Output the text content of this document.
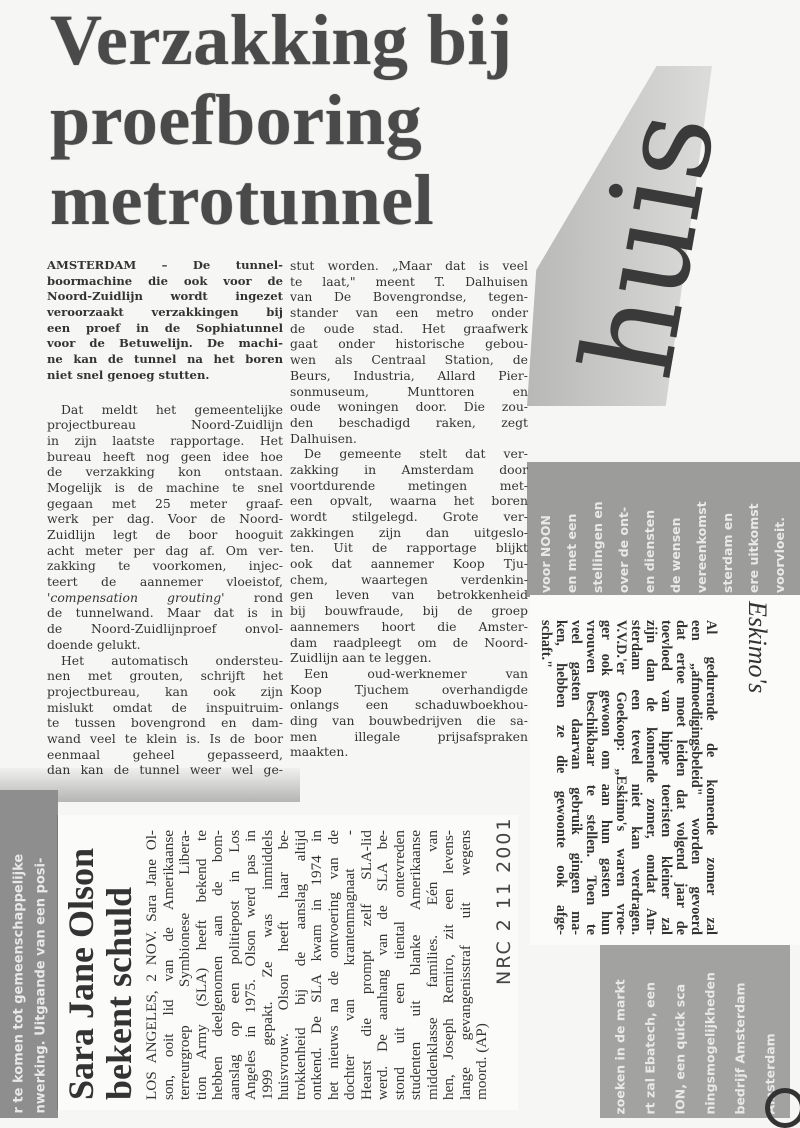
Verzakking bij
proefboring
metrotunnel huis
AMSTERDAM – De tunnel-
boormachine die ook voor de
Noord-Zuidlijn wordt ingezet
veroorzaakt verzakkingen bij
een proef in de Sophiatunnel
voor de Betuwelijn. De machi-
ne kan de tunnel na het boren
niet snel genoeg stutten.
Dat meldt het gemeentelijke
projectbureau Noord-Zuidlijn
in zijn laatste rapportage. Het
bureau heeft nog geen idee hoe
de verzakking kon ontstaan.
Mogelijk is de machine te snel
gegaan met 25 meter graaf-
werk per dag. Voor de Noord-
Zuidlijn legt de boor hooguit
acht meter per dag af. Om ver-
zakking te voorkomen, injec-
teert de aannemer vloeistof,
'compensation grouting' rond
de tunnelwand. Maar dat is in
de Noord-Zuidlijnproef onvol-
doende gelukt.
Het automatisch ondersteu-
nen met grouten, schrijft het
projectbureau, kan ook zijn
mislukt omdat de inspuitruim-
te tussen bovengrond en dam-
wand veel te klein is. Is de boor
eenmaal geheel gepasseerd,
dan kan de tunnel weer wel ge-
stut worden. „Maar dat is veel
te laat," meent T. Dalhuisen
van De Bovengrondse, tegen-
stander van een metro onder
de oude stad. Het graafwerk
gaat onder historische gebou-
wen als Centraal Station, de
Beurs, Industria, Allard Pier-
sonmuseum, Munttoren en
oude woningen door. Die zou-
den beschadigd raken, zegt
Dalhuisen.
De gemeente stelt dat ver-
zakking in Amsterdam door
voortdurende metingen met-
een opvalt, waarna het boren
wordt stilgelegd. Grote ver-
zakkingen zijn dan uitgeslo-
ten. Uit de rapportage blijkt
ook dat aannemer Koop Tju-
chem, waartegen verdenkin-
gen leven van betrokkenheid
bij bouwfraude, bij de groep
aannemers hoort die Amster-
dam raadpleegt om de Noord-
Zuidlijn aan te leggen.
Een oud-werknemer van
Koop Tjuchem overhandigde
onlangs een schaduwboekhou-
ding van bouwbedrijven die sa-
men illegale prijsafspraken
maakten.
Eskimo's
Al gedurende de komende zomer zal
een „afmoedigingsbeleid" worden gevoerd
dat ertoe moet leiden dat volgend jaar de
toevloed van hippe toeristen kleiner zal
zijn dan de komende zomer, omdat Am-
sterdam een teveel niet kan verdragen.
V.V.D.'er Goekoop: „Eskimo's waren vroe-
ger ook gewoon om aan hun gasten hun
vrouwen beschikbaar te stellen. Toen te
veel gasten daarvan gebruik gingen ma-
ken, hebben ze die gewoonte ook afge-
schaft."
Sara Jane Olson
bekent schuld LOS ANGELES, 2 NOV. Sara Jane Ol- son, ooit lid van de Amerikaanse terreurgroep Symbionese Libera- tion Army (SLA) heeft bekend te hebben deelgenomen aan de bom- aanslag op een politiepost in Los Angeles in 1975. Olson werd pas in 1999 gepakt. Ze was inmiddels huisvrouw. Olson heeft haar be- trokkenheid bij de aanslag altijd ontkend. De SLA kwam in 1974 in het nieuws na de ontvoering van de dochter van krantenmagnaat - Hearst die prompt zelf SLA-lid werd. De aanhang van de SLA be- stond uit een tiental ontevreden studenten uit blanke Amerikaanse middenklasse families. Eén van hen, Joseph Remiro, zit een levens- lange gevangenisstraf uit wegens moord. (AP)
NRC 2 11 2001
r te komen tot gemeenschappelijke nwerking. Uitgaande van een posi-
voor NOON en met een stellingen en over de ont- en diensten de wensen vereenkomst sterdam en ere uitkomst voorvloeit.
zoeken in de markt	rt zal Ebatech, een	ION, een quick sca	ningsmogelijkheden	bedrijf Amsterdam	Amsterdam
